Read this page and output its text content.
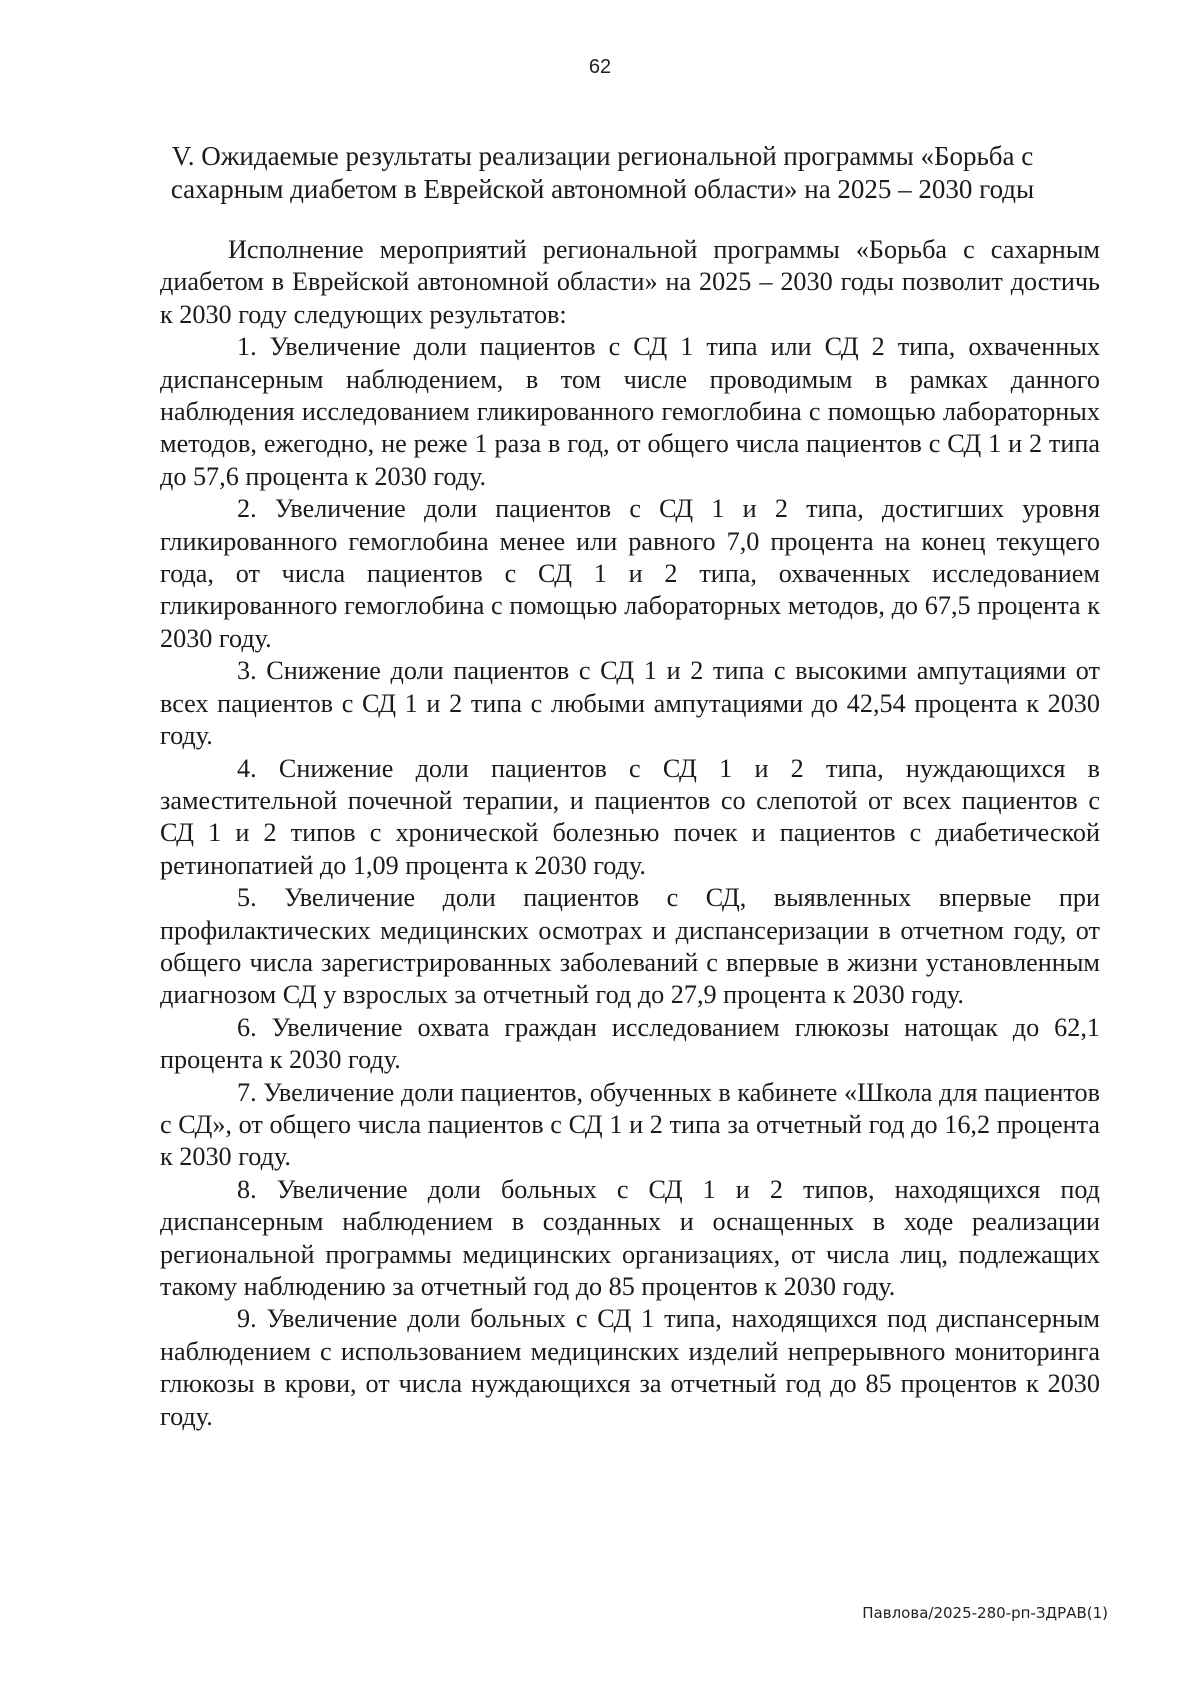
62
V. Ожидаемые результаты реализации региональной программы «Борьба с сахарным диабетом в Еврейской автономной области» на 2025 – 2030 годы

Исполнение мероприятий региональной программы «Борьба с сахарным диабетом в Еврейской автономной области» на 2025 – 2030 годы позволит достичь к 2030 году следующих результатов:

1. Увеличение доли пациентов с СД 1 типа или СД 2 типа, охваченных диспансерным наблюдением, в том числе проводимым в рамках данного наблюдения исследованием гликированного гемоглобина с помощью лабораторных методов, ежегодно, не реже 1 раза в год, от общего числа пациентов с СД 1 и 2 типа до 57,6 процента к 2030 году.

2. Увеличение доли пациентов с СД 1 и 2 типа, достигших уровня гликированного гемоглобина менее или равного 7,0 процента на конец текущего года, от числа пациентов с СД 1 и 2 типа, охваченных исследованием гликированного гемоглобина с помощью лабораторных методов, до 67,5 процента к 2030 году.

3. Снижение доли пациентов с СД 1 и 2 типа с высокими ампутациями от всех пациентов с СД 1 и 2 типа с любыми ампутациями до 42,54 процента к 2030 году.

4. Снижение доли пациентов с СД 1 и 2 типа, нуждающихся в заместительной почечной терапии, и пациентов со слепотой от всех пациентов с СД 1 и 2 типов с хронической болезнью почек и пациентов с диабетической ретинопатией до 1,09 процента к 2030 году.

5. Увеличение доли пациентов с СД, выявленных впервые при профилактических медицинских осмотрах и диспансеризации в отчетном году, от общего числа зарегистрированных заболеваний с впервые в жизни установленным диагнозом СД у взрослых за отчетный год до 27,9 процента к 2030 году.

6. Увеличение охвата граждан исследованием глюкозы натощак до 62,1 процента к 2030 году.

7. Увеличение доли пациентов, обученных в кабинете «Школа для пациентов с СД», от общего числа пациентов с СД 1 и 2 типа за отчетный год до 16,2 процента к 2030 году.

8. Увеличение доли больных с СД 1 и 2 типов, находящихся под диспансерным наблюдением в созданных и оснащенных в ходе реализации региональной программы медицинских организациях, от числа лиц, подлежащих такому наблюдению за отчетный год до 85 процентов к 2030 году.

9. Увеличение доли больных с СД 1 типа, находящихся под диспансерным наблюдением с использованием медицинских изделий непрерывного мониторинга глюкозы в крови, от числа нуждающихся за отчетный год до 85 процентов к 2030 году.

Павлова/2025-280-рп-ЗДРАВ(1)
